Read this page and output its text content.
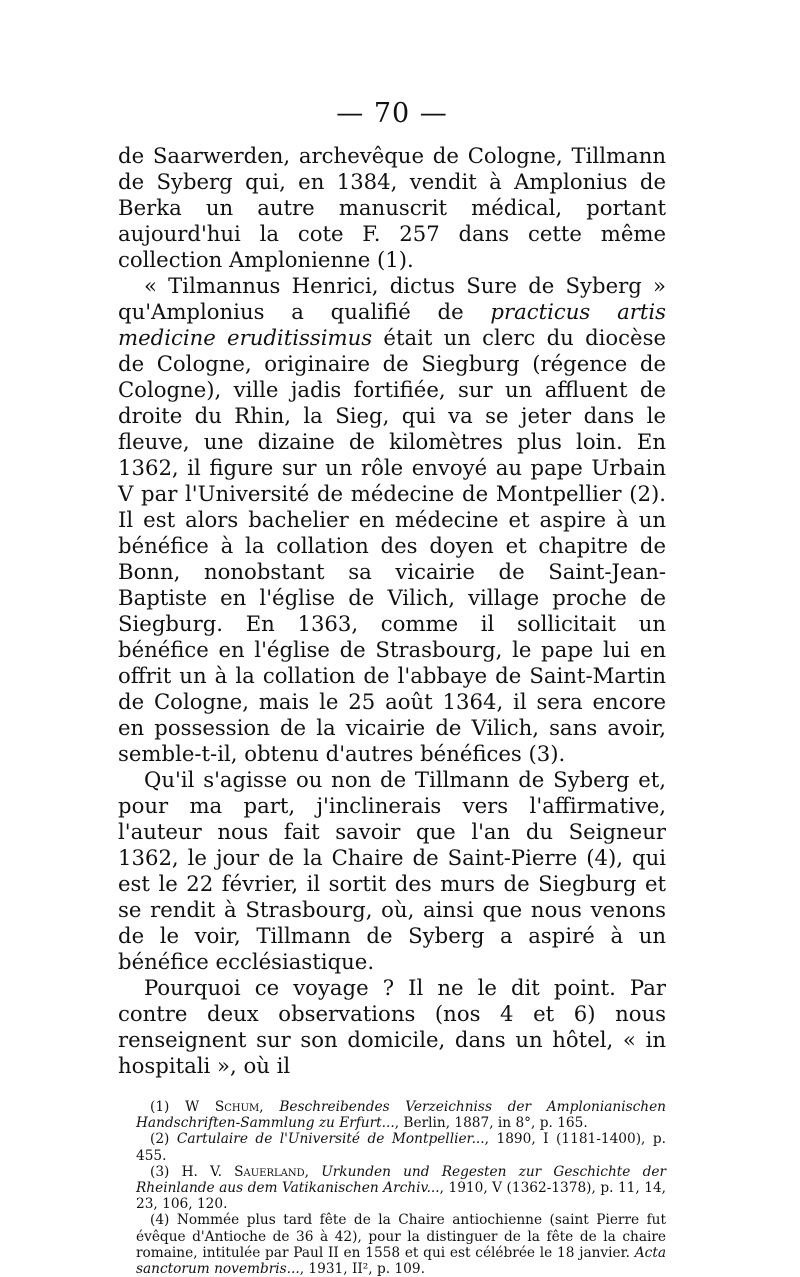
— 70 —

de Saarwerden, archevêque de Cologne, Tillmann de Syberg qui, en 1384, vendit à Amplonius de Berka un autre manuscrit médical, portant aujourd'hui la cote F. 257 dans cette même collection Amplonienne (1).

« Tilmannus Henrici, dictus Sure de Syberg » qu'Amplonius a qualifié de practicus artis medicine eruditissimus était un clerc du diocèse de Cologne, originaire de Siegburg (régence de Cologne), ville jadis fortifiée, sur un affluent de droite du Rhin, la Sieg, qui va se jeter dans le fleuve, une dizaine de kilomètres plus loin. En 1362, il figure sur un rôle envoyé au pape Urbain V par l'Université de médecine de Montpellier (2). Il est alors bachelier en médecine et aspire à un bénéfice à la collation des doyen et chapitre de Bonn, nonobstant sa vicairie de Saint-Jean-Baptiste en l'église de Vilich, village proche de Siegburg. En 1363, comme il sollicitait un bénéfice en l'église de Strasbourg, le pape lui en offrit un à la collation de l'abbaye de Saint-Martin de Cologne, mais le 25 août 1364, il sera encore en possession de la vicairie de Vilich, sans avoir, semble-t-il, obtenu d'autres bénéfices (3).

Qu'il s'agisse ou non de Tillmann de Syberg et, pour ma part, j'inclinerais vers l'affirmative, l'auteur nous fait savoir que l'an du Seigneur 1362, le jour de la Chaire de Saint-Pierre (4), qui est le 22 février, il sortit des murs de Siegburg et se rendit à Strasbourg, où, ainsi que nous venons de le voir, Tillmann de Syberg a aspiré à un bénéfice ecclésiastique.

Pourquoi ce voyage ? Il ne le dit point. Par contre deux observations (nos 4 et 6) nous renseignent sur son domicile, dans un hôtel, « in hospitali », où il

(1) W Schum, Beschreibendes Verzeichniss der Amplonianischen Handschriften-Sammlung zu Erfurt..., Berlin, 1887, in 8°, p. 165.

(2) Cartulaire de l'Université de Montpellier..., 1890, I (1181-1400), p. 455.

(3) H. V. Sauerland, Urkunden und Regesten zur Geschichte der Rheinlande aus dem Vatikanischen Archiv..., 1910, V (1362-1378), p. 11, 14, 23, 106, 120.

(4) Nommée plus tard fête de la Chaire antiochienne (saint Pierre fut évêque d'Antioche de 36 à 42), pour la distinguer de la fête de la chaire romaine, intitulée par Paul II en 1558 et qui est célébrée le 18 janvier. Acta sanctorum novembris..., 1931, II², p. 109.
